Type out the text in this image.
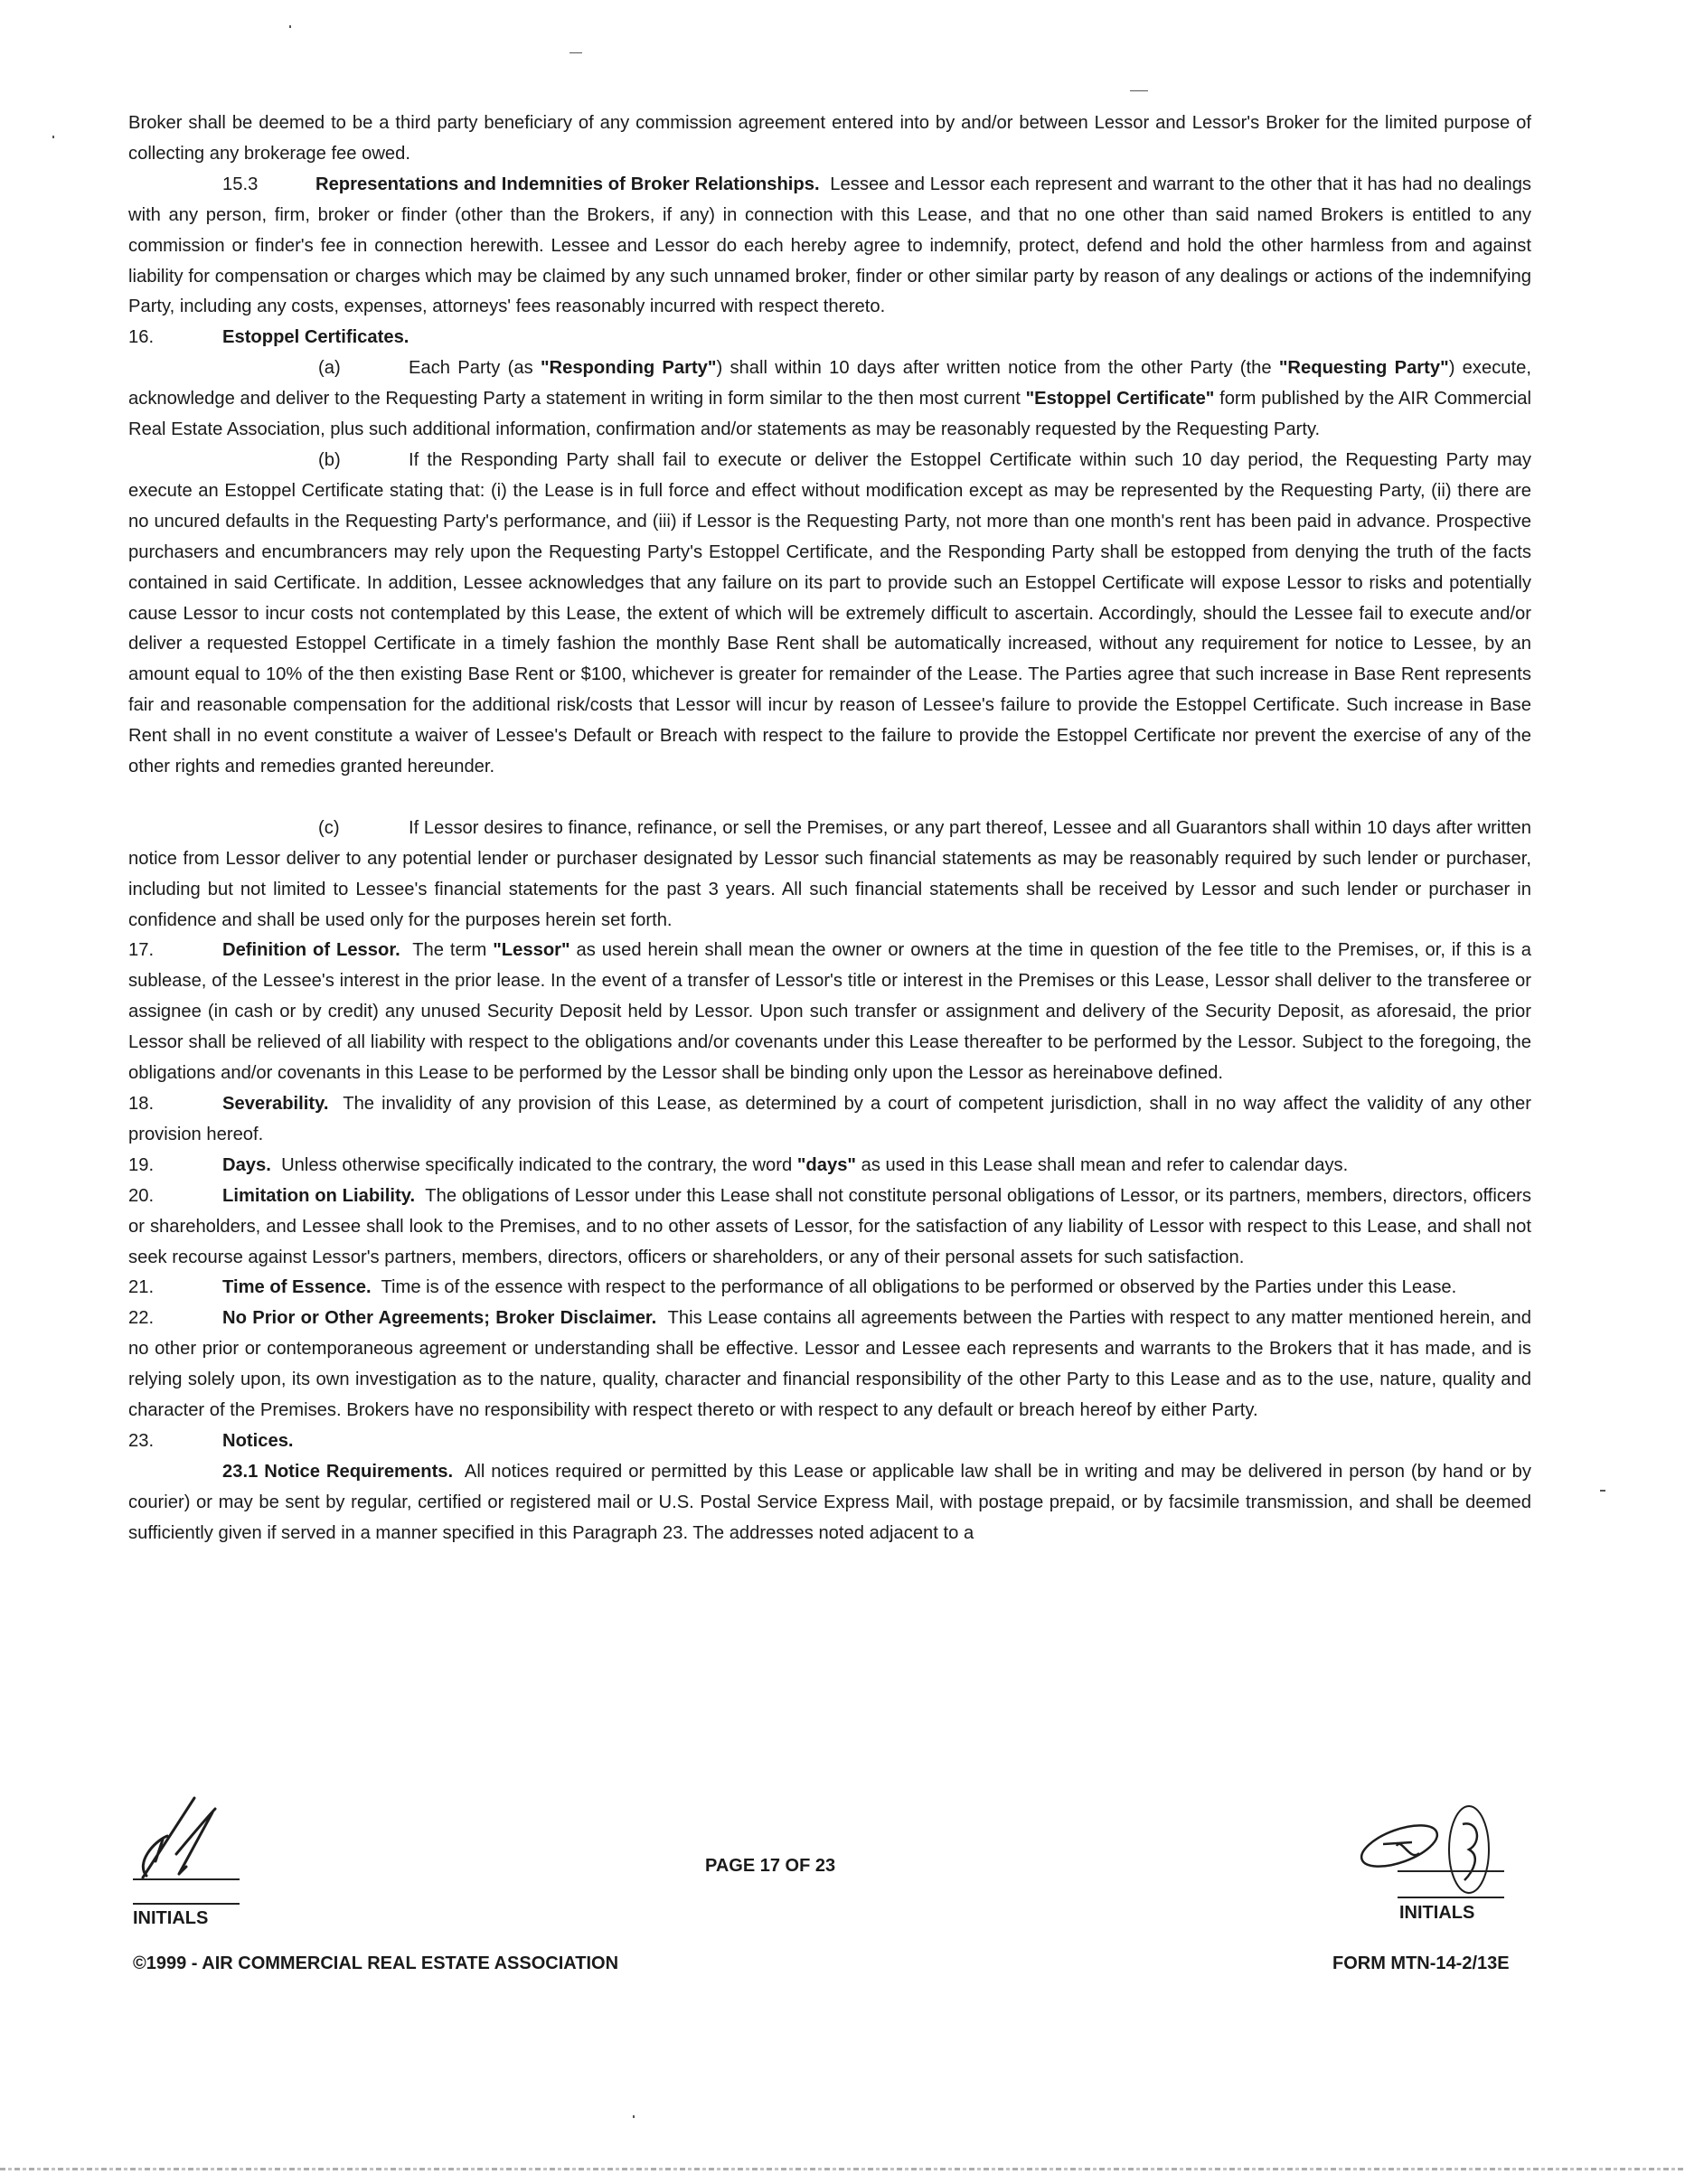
Broker shall be deemed to be a third party beneficiary of any commission agreement entered into by and/or between Lessor and Lessor's Broker for the limited purpose of collecting any brokerage fee owed.

15.3	Representations and Indemnities of Broker Relationships. Lessee and Lessor each represent and warrant to the other that it has had no dealings with any person, firm, broker or finder (other than the Brokers, if any) in connection with this Lease, and that no one other than said named Brokers is entitled to any commission or finder's fee in connection herewith. Lessee and Lessor do each hereby agree to indemnify, protect, defend and hold the other harmless from and against liability for compensation or charges which may be claimed by any such unnamed broker, finder or other similar party by reason of any dealings or actions of the indemnifying Party, including any costs, expenses, attorneys' fees reasonably incurred with respect thereto.

16.	Estoppel Certificates.

(a)	Each Party (as "Responding Party") shall within 10 days after written notice from the other Party (the "Requesting Party") execute, acknowledge and deliver to the Requesting Party a statement in writing in form similar to the then most current "Estoppel Certificate" form published by the AIR Commercial Real Estate Association, plus such additional information, confirmation and/or statements as may be reasonably requested by the Requesting Party.

(b)	If the Responding Party shall fail to execute or deliver the Estoppel Certificate within such 10 day period, the Requesting Party may execute an Estoppel Certificate stating that: (i) the Lease is in full force and effect without modification except as may be represented by the Requesting Party, (ii) there are no uncured defaults in the Requesting Party's performance, and (iii) if Lessor is the Requesting Party, not more than one month's rent has been paid in advance. Prospective purchasers and encumbrancers may rely upon the Requesting Party's Estoppel Certificate, and the Responding Party shall be estopped from denying the truth of the facts contained in said Certificate. In addition, Lessee acknowledges that any failure on its part to provide such an Estoppel Certificate will expose Lessor to risks and potentially cause Lessor to incur costs not contemplated by this Lease, the extent of which will be extremely difficult to ascertain. Accordingly, should the Lessee fail to execute and/or deliver a requested Estoppel Certificate in a timely fashion the monthly Base Rent shall be automatically increased, without any requirement for notice to Lessee, by an amount equal to 10% of the then existing Base Rent or $100, whichever is greater for remainder of the Lease. The Parties agree that such increase in Base Rent represents fair and reasonable compensation for the additional risk/costs that Lessor will incur by reason of Lessee's failure to provide the Estoppel Certificate. Such increase in Base Rent shall in no event constitute a waiver of Lessee's Default or Breach with respect to the failure to provide the Estoppel Certificate nor prevent the exercise of any of the other rights and remedies granted hereunder.

(c)	If Lessor desires to finance, refinance, or sell the Premises, or any part thereof, Lessee and all Guarantors shall within 10 days after written notice from Lessor deliver to any potential lender or purchaser designated by Lessor such financial statements as may be reasonably required by such lender or purchaser, including but not limited to Lessee's financial statements for the past 3 years. All such financial statements shall be received by Lessor and such lender or purchaser in confidence and shall be used only for the purposes herein set forth.

17.	Definition of Lessor. The term "Lessor" as used herein shall mean the owner or owners at the time in question of the fee title to the Premises, or, if this is a sublease, of the Lessee's interest in the prior lease. In the event of a transfer of Lessor's title or interest in the Premises or this Lease, Lessor shall deliver to the transferee or assignee (in cash or by credit) any unused Security Deposit held by Lessor. Upon such transfer or assignment and delivery of the Security Deposit, as aforesaid, the prior Lessor shall be relieved of all liability with respect to the obligations and/or covenants under this Lease thereafter to be performed by the Lessor. Subject to the foregoing, the obligations and/or covenants in this Lease to be performed by the Lessor shall be binding only upon the Lessor as hereinabove defined.

18.	Severability. The invalidity of any provision of this Lease, as determined by a court of competent jurisdiction, shall in no way affect the validity of any other provision hereof.

19.	Days. Unless otherwise specifically indicated to the contrary, the word "days" as used in this Lease shall mean and refer to calendar days.

20.	Limitation on Liability. The obligations of Lessor under this Lease shall not constitute personal obligations of Lessor, or its partners, members, directors, officers or shareholders, and Lessee shall look to the Premises, and to no other assets of Lessor, for the satisfaction of any liability of Lessor with respect to this Lease, and shall not seek recourse against Lessor's partners, members, directors, officers or shareholders, or any of their personal assets for such satisfaction.

21.	Time of Essence. Time is of the essence with respect to the performance of all obligations to be performed or observed by the Parties under this Lease.

22.	No Prior or Other Agreements; Broker Disclaimer. This Lease contains all agreements between the Parties with respect to any matter mentioned herein, and no other prior or contemporaneous agreement or understanding shall be effective. Lessor and Lessee each represents and warrants to the Brokers that it has made, and is relying solely upon, its own investigation as to the nature, quality, character and financial responsibility of the other Party to this Lease and as to the use, nature, quality and character of the Premises. Brokers have no responsibility with respect thereto or with respect to any default or breach hereof by either Party.

23.	Notices.

23.1 Notice Requirements. All notices required or permitted by this Lease or applicable law shall be in writing and may be delivered in person (by hand or by courier) or may be sent by regular, certified or registered mail or U.S. Postal Service Express Mail, with postage prepaid, or by facsimile transmission, and shall be deemed sufficiently given if served in a manner specified in this Paragraph 23. The addresses noted adjacent to a

INITIALS
PAGE 17 OF 23
INITIALS
©1999 - AIR COMMERCIAL REAL ESTATE ASSOCIATION	FORM MTN-14-2/13E
